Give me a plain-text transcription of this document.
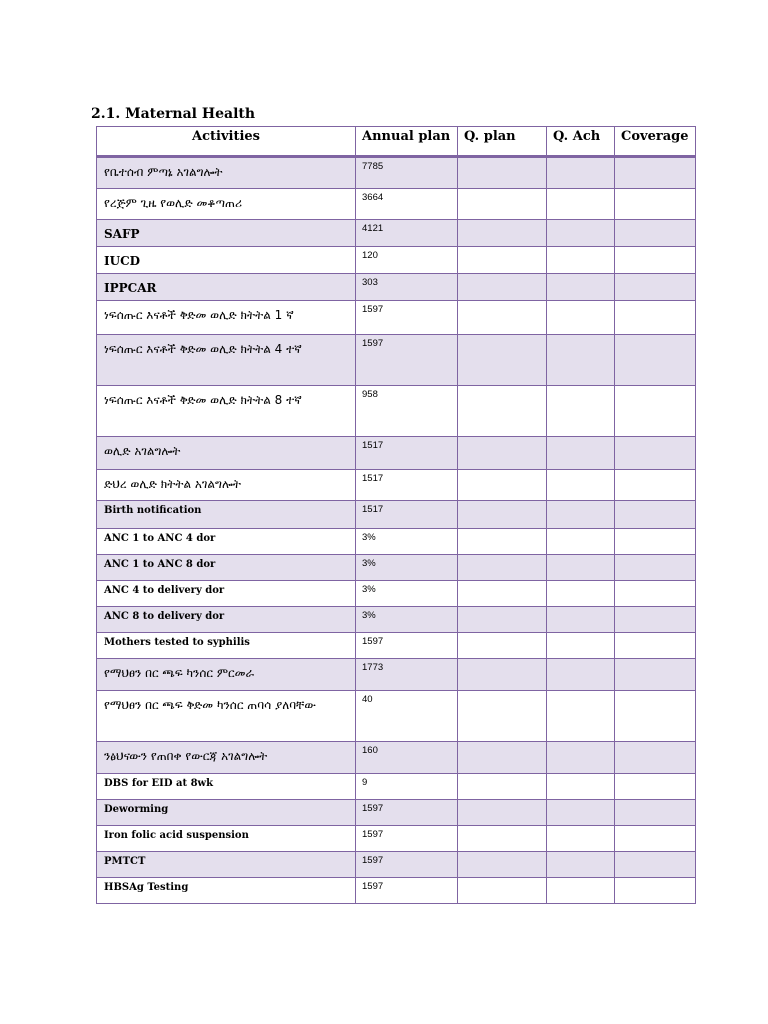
2.1. Maternal Health
Activities	Annual plan	Q. plan	Q. Ach	Coverage

የቤተሰብ ምጣኔ አገልግሎት	7785			

የረጅም ጊዜ የወሊድ መቆጣጠሪ	3664			

SAFP	4121			

IUCD	120			

IPPCAR	303			

ነፍሰጡር እናቶች ቅድመ ወሊድ ክትትል 1 ኛ	1597			

ነፍሰጡር እናቶች ቅድመ ወሊድ ክትትል 4 ተኛ	1597			

ነፍሰጡር እናቶች ቅድመ ወሊድ ክትትል 8 ተኛ	958			

ወሊድ አገልግሎት	1517			

ድህረ ወሊድ ክትትል አገልግሎት	1517			

Birth notification	1517			

ANC 1 to ANC 4 dor	3%			

ANC 1 to ANC 8 dor	3%			

ANC 4 to delivery dor	3%			

ANC 8 to delivery dor	3%			

Mothers tested to syphilis	1597			

የማህፀን በር ጫፍ ካንሰር ምርመራ	1773			

የማህፀን በር ጫፍ ቅድመ ካንሰር ጠባሳ ያለባቸው	40			

ንፅህናውን የጠበቀ የውርጃ አገልግሎት	160			

DBS for EID at 8wk	9			

Deworming	1597			

Iron folic acid suspension	1597			

PMTCT	1597			

HBSAg Testing	1597			
